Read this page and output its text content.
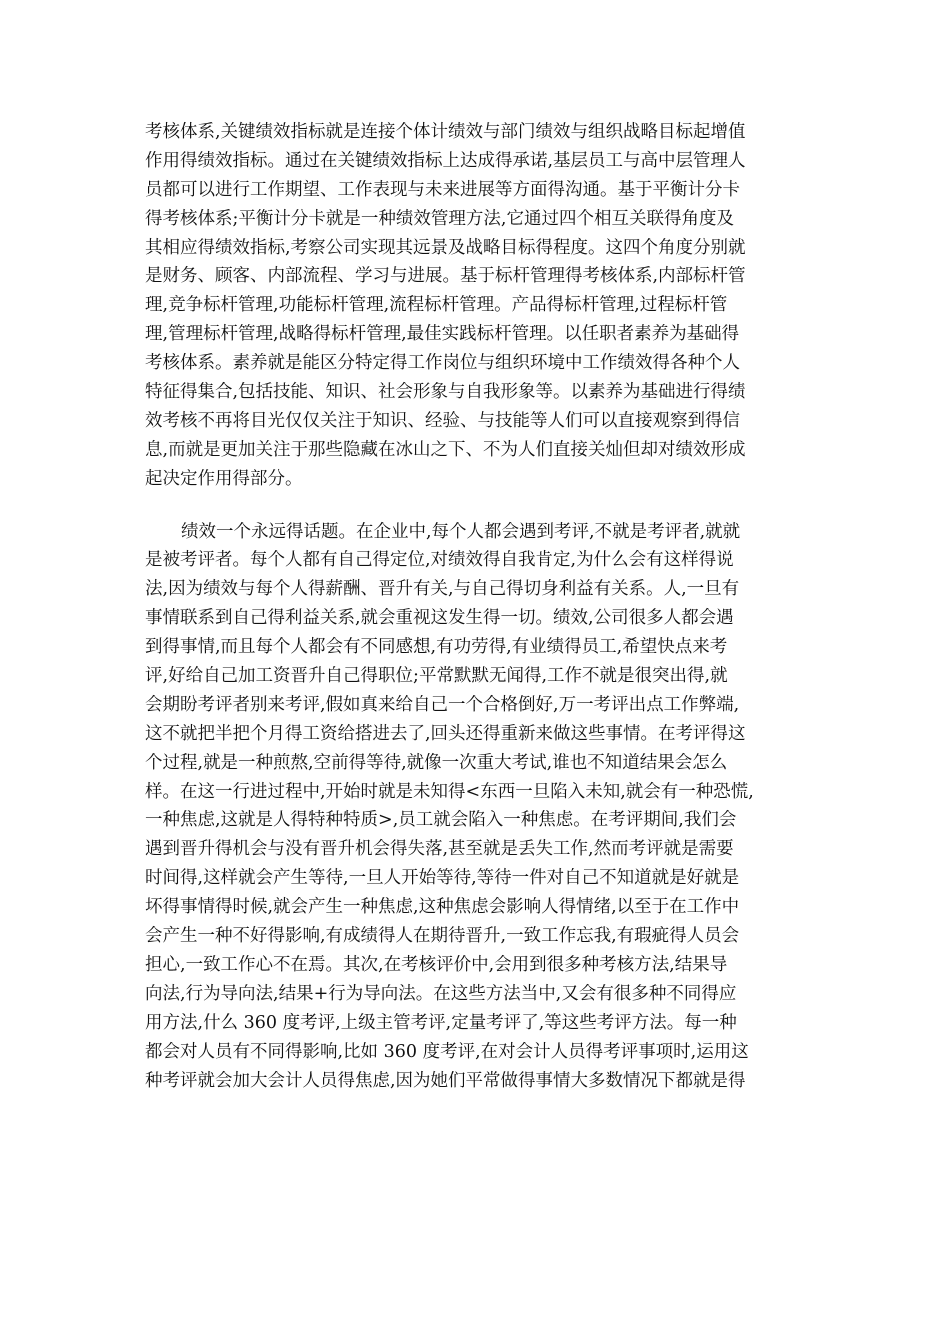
考核体系,关键绩效指标就是连接个体计绩效与部门绩效与组织战略目标起增值
作用得绩效指标。通过在关键绩效指标上达成得承诺,基层员工与高中层管理人
员都可以进行工作期望、工作表现与未来进展等方面得沟通。基于平衡计分卡
得考核体系;平衡计分卡就是一种绩效管理方法,它通过四个相互关联得角度及
其相应得绩效指标,考察公司实现其远景及战略目标得程度。这四个角度分别就
是财务、顾客、内部流程、学习与进展。基于标杆管理得考核体系,内部标杆管
理,竞争标杆管理,功能标杆管理,流程标杆管理。产品得标杆管理,过程标杆管
理,管理标杆管理,战略得标杆管理,最佳实践标杆管理。以任职者素养为基础得
考核体系。素养就是能区分特定得工作岗位与组织环境中工作绩效得各种个人
特征得集合,包括技能、知识、社会形象与自我形象等。以素养为基础进行得绩
效考核不再将目光仅仅关注于知识、经验、与技能等人们可以直接观察到得信
息,而就是更加关注于那些隐藏在冰山之下、不为人们直接关灿但却对绩效形成
起决定作用得部分。
绩效一个永远得话题。在企业中,每个人都会遇到考评,不就是考评者,就就
是被考评者。每个人都有自己得定位,对绩效得自我肯定,为什么会有这样得说
法,因为绩效与每个人得薪酬、晋升有关,与自己得切身利益有关系。人,一旦有
事情联系到自己得利益关系,就会重视这发生得一切。绩效,公司很多人都会遇
到得事情,而且每个人都会有不同感想,有功劳得,有业绩得员工,希望快点来考
评,好给自己加工资晋升自己得职位;平常默默无闻得,工作不就是很突出得,就
会期盼考评者别来考评,假如真来给自己一个合格倒好,万一考评出点工作弊端,
这不就把半把个月得工资给搭进去了,回头还得重新来做这些事情。在考评得这
个过程,就是一种煎熬,空前得等待,就像一次重大考试,谁也不知道结果会怎么
样。在这一行进过程中,开始时就是未知得<东西一旦陷入未知,就会有一种恐慌,
一种焦虑,这就是人得特种特质>,员工就会陷入一种焦虑。在考评期间,我们会
遇到晋升得机会与没有晋升机会得失落,甚至就是丢失工作,然而考评就是需要
时间得,这样就会产生等待,一旦人开始等待,等待一件对自己不知道就是好就是
坏得事情得时候,就会产生一种焦虑,这种焦虑会影响人得情绪,以至于在工作中
会产生一种不好得影响,有成绩得人在期待晋升,一致工作忘我,有瑕疵得人员会
担心,一致工作心不在焉。其次,在考核评价中,会用到很多种考核方法,结果导
向法,行为导向法,结果+行为导向法。在这些方法当中,又会有很多种不同得应
用方法,什么 360 度考评,上级主管考评,定量考评了,等这些考评方法。每一种
都会对人员有不同得影响,比如 360 度考评,在对会计人员得考评事项时,运用这
种考评就会加大会计人员得焦虑,因为她们平常做得事情大多数情况下都就是得
